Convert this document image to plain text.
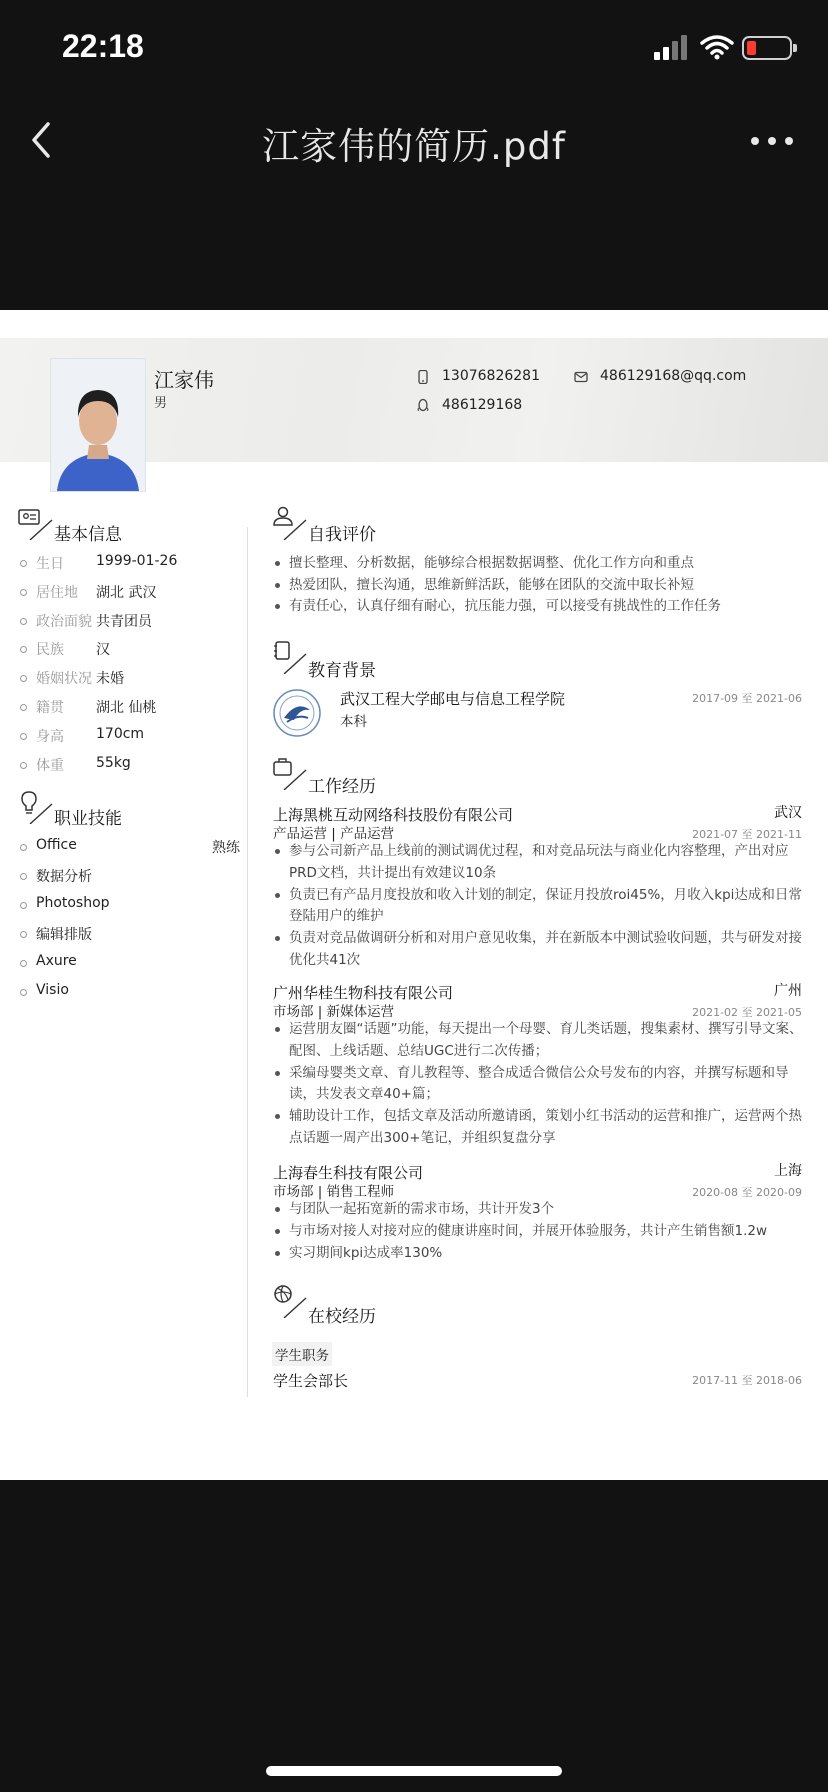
22:18
江家伟的简历.pdf
江家伟
男
13076826281	486129168@qq.com
486129168
基本信息
生日 1999-01-26
居住地 湖北 武汉
政治面貌 共青团员
民族 汉
婚姻状况 未婚
籍贯 湖北 仙桃
身高 170cm
体重 55kg
职业技能
Office	熟练
数据分析
Photoshop
编辑排版
Axure
Visio
自我评价
擅长整理、分析数据，能够综合根据数据调整、优化工作方向和重点
热爱团队，擅长沟通，思维新鲜活跃，能够在团队的交流中取长补短
有责任心，认真仔细有耐心，抗压能力强，可以接受有挑战性的工作任务
教育背景
武汉工程大学邮电与信息工程学院
本科
2017-09 至 2021-06
工作经历
上海黑桃互动网络科技股份有限公司	武汉
产品运营 | 产品运营	2021-07 至 2021-11
参与公司新产品上线前的测试调优过程，和对竞品玩法与商业化内容整理，产出对应
PRD文档，共计提出有效建议10条
负责已有产品月度投放和收入计划的制定，保证月投放roi45%，月收入kpi达成和日常
登陆用户的维护
负责对竞品做调研分析和对用户意见收集，并在新版本中测试验收问题，共与研发对接
优化共41次
广州华桂生物科技有限公司	广州
市场部 | 新媒体运营	2021-02 至 2021-05
运营朋友圈“话题”功能，每天提出一个母婴、育儿类话题，搜集素材、撰写引导文案、
配图、上线话题、总结UGC进行二次传播；
采编母婴类文章、育儿教程等、整合成适合微信公众号发布的内容，并撰写标题和导
读，共发表文章40+篇；
辅助设计工作，包括文章及活动所邀请函，策划小红书活动的运营和推广，运营两个热
点话题一周产出300+笔记，并组织复盘分享
上海春生科技有限公司	上海
市场部 | 销售工程师	2020-08 至 2020-09
与团队一起拓宽新的需求市场，共计开发3个
与市场对接人对接对应的健康讲座时间，并展开体验服务，共计产生销售额1.2w
实习期间kpi达成率130%
在校经历
学生职务
学生会部长	2017-11 至 2018-06
